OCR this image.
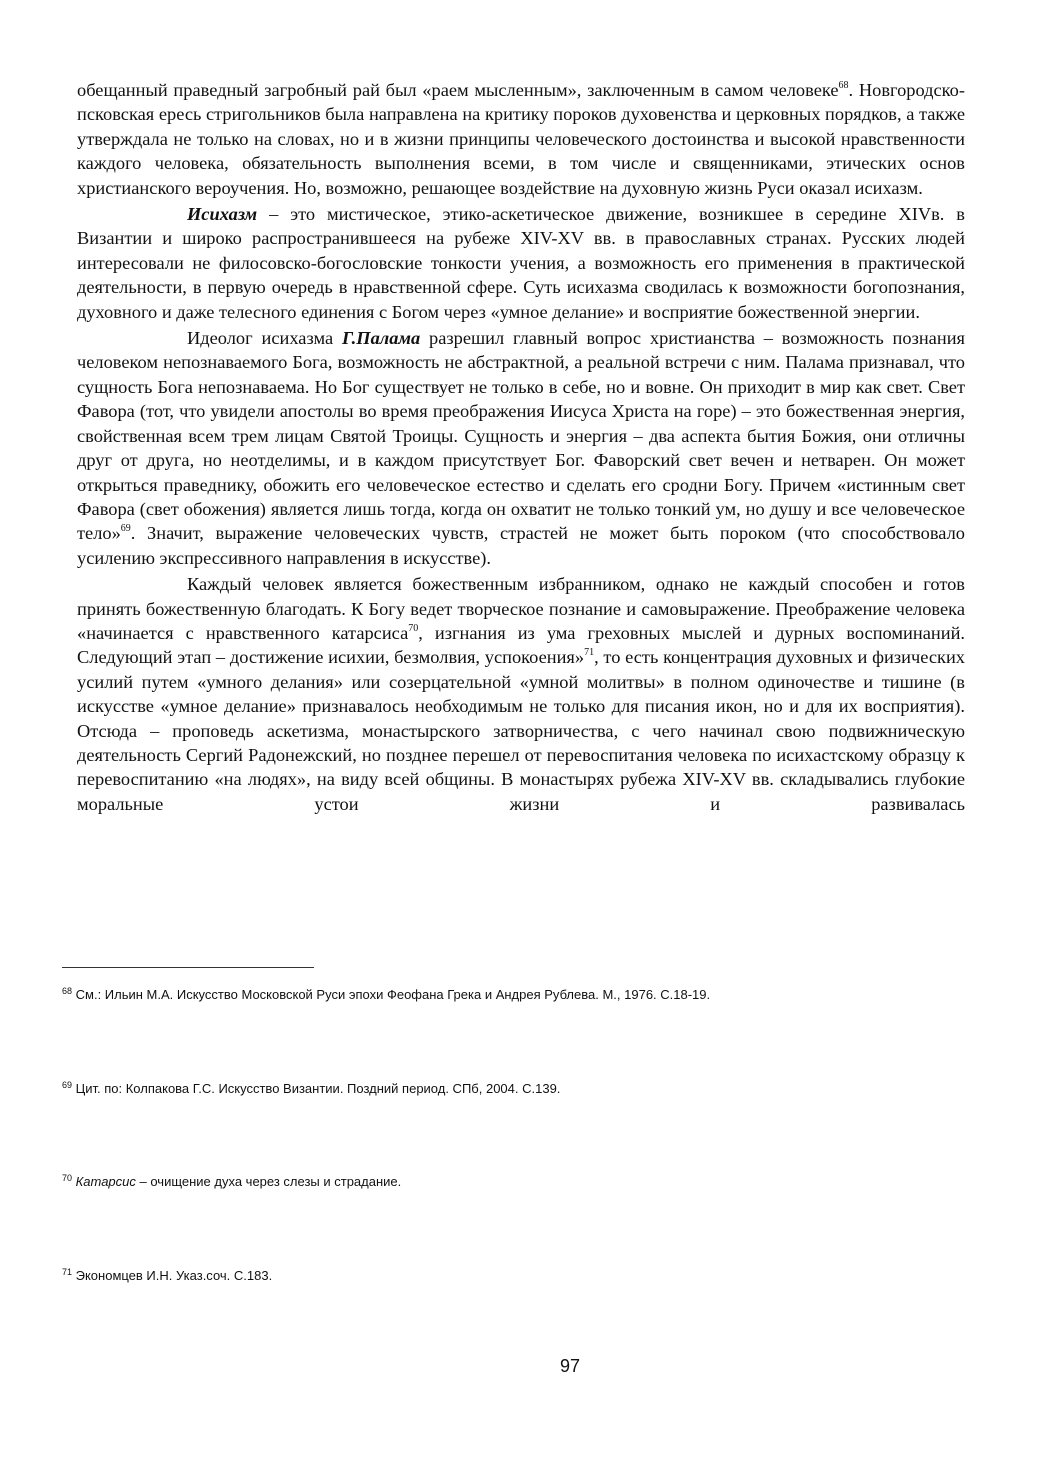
обещанный праведный загробный рай был «раем мысленным», заключенным в самом человеке$^{68}$. Новгородско-псковская ересь стригольников была направлена на критику пороков духовенства и церковных порядков, а также утверждала не только на словах, но и в жизни принципы человеческого достоинства и высокой нравственности каждого человека, обязательность выполнения всеми, в том числе и священниками, этических основ христианского вероучения. Но, возможно, решающее воздействие на духовную жизнь Руси оказал исихазм.

Исихазм – это мистическое, этико-аскетическое движение, возникшее в середине XIVв. в Византии и широко распространившееся на рубеже XIV-XV вв. в православных странах. Русских людей интересовали не филосовско-богословские тонкости учения, а возможность его применения в практической деятельности, в первую очередь в нравственной сфере. Суть исихазма сводилась к возможности богопознания, духовного и даже телесного единения с Богом через «умное делание» и восприятие божественной энергии.

Идеолог исихазма Г.Палама разрешил главный вопрос христианства – возможность познания человеком непознаваемого Бога, возможность не абстрактной, а реальной встречи с ним. Палама признавал, что сущность Бога непознаваема. Но Бог существует не только в себе, но и вовне. Он приходит в мир как свет. Свет Фавора (тот, что увидели апостолы во время преображения Иисуса Христа на горе) – это божественная энергия, свойственная всем трем лицам Святой Троицы. Сущность и энергия – два аспекта бытия Божия, они отличны друг от друга, но неотделимы, и в каждом присутствует Бог. Фаворский свет вечен и нетварен. Он может открыться праведнику, обожить его человеческое естество и сделать его сродни Богу. Причем «истинным свет Фавора (свет обожения) является лишь тогда, когда он охватит не только тонкий ум, но душу и все человеческое тело»$^{69}$. Значит, выражение человеческих чувств, страстей не может быть пороком (что способствовало усилению экспрессивного направления в искусстве).

Каждый человек является божественным избранником, однако не каждый способен и готов принять божественную благодать. К Богу ведет творческое познание и самовыражение. Преображение человека «начинается с нравственного катарсиса$^{70}$, изгнания из ума греховных мыслей и дурных воспоминаний. Следующий этап – достижение исихии, безмолвия, успокоения»$^{71}$, то есть концентрация духовных и физических усилий путем «умного делания» или созерцательной «умной молитвы» в полном одиночестве и тишине (в искусстве «умное делание» признавалось необходимым не только для писания икон, но и для их восприятия). Отсюда – проповедь аскетизма, монастырского затворничества, с чего начинал свою подвижническую деятельность Сергий Радонежский, но позднее перешел от перевоспитания человека по исихастскому образцу к перевоспитанию «на людях», на виду всей общины. В монастырях рубежа XIV-XV вв. складывались глубокие моральные устои жизни и развивалась

$^{68}$ См.: Ильин М.А. Искусство Московской Руси эпохи Феофана Грека и Андрея Рублева. М., 1976. С.18-19.

$^{69}$ Цит. по: Колпакова Г.С. Искусство Византии. Поздний период. СПб, 2004. С.139.

$^{70}$ Катарсис – очищение духа через слезы и страдание.

$^{71}$ Экономцев И.Н. Указ.соч. С.183.

97
